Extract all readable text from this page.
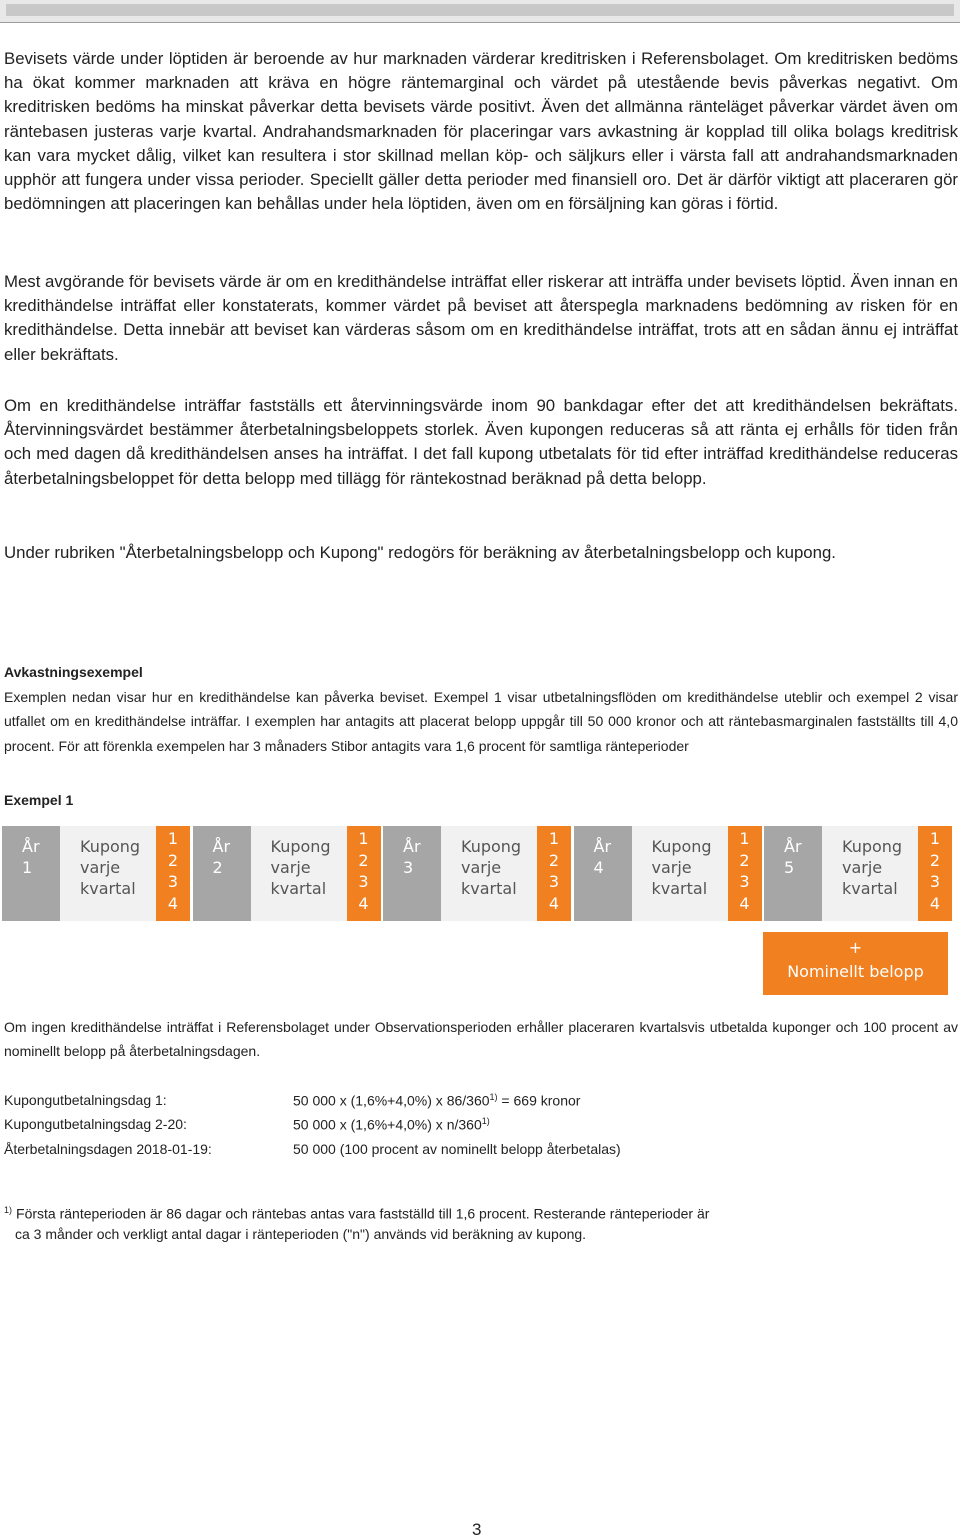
Bevisets värde under löptiden är beroende av hur marknaden värderar kreditrisken i Referensbolaget. Om kreditrisken bedöms ha ökat kommer marknaden att kräva en högre räntemarginal och värdet på utestående bevis påverkas negativt. Om kreditrisken bedöms ha minskat påverkar detta bevisets värde positivt. Även det allmänna ränteläget påverkar värdet även om räntebasen justeras varje kvartal. Andrahandsmarknaden för placeringar vars avkastning är kopplad till olika bolags kreditrisk kan vara mycket dålig, vilket kan resultera i stor skillnad mellan köp- och säljkurs eller i värsta fall att andrahandsmarknaden upphör att fungera under vissa perioder. Speciellt gäller detta perioder med finansiell oro. Det är därför viktigt att placeraren gör bedömningen att placeringen kan behållas under hela löptiden, även om en försäljning kan göras i förtid.

Mest avgörande för bevisets värde är om en kredithändelse inträffat eller riskerar att inträffa under bevisets löptid. Även innan en kredithändelse inträffat eller konstaterats, kommer värdet på beviset att återspegla marknadens bedömning av risken för en kredithändelse. Detta innebär att beviset kan värderas såsom om en kredithändelse inträffat, trots att en sådan ännu ej inträffat eller bekräftats.

Om en kredithändelse inträffar fastställs ett återvinningsvärde inom 90 bankdagar efter det att kredithändelsen bekräftats. Återvinningsvärdet bestämmer återbetalningsbeloppets storlek. Även kupongen reduceras så att ränta ej erhålls för tiden från och med dagen då kredithändelsen anses ha inträffat. I det fall kupong utbetalats för tid efter inträffad kredithändelse reduceras återbetalningsbeloppet för detta belopp med tillägg för räntekostnad beräknad på detta belopp.

Under rubriken "Återbetalningsbelopp och Kupong" redogörs för beräkning av återbetalningsbelopp och kupong.

Avkastningsexempel

Exemplen nedan visar hur en kredithändelse kan påverka beviset. Exempel 1 visar utbetalningsflöden om kredithändelse uteblir och exempel 2 visar utfallet om en kredithändelse inträffar. I exemplen har antagits att placerat belopp uppgår till 50 000 kronor och att räntebasmarginalen fastställts till 4,0 procent. För att förenkla exempelen har 3 månaders Stibor antagits vara 1,6 procent för samtliga ränteperioder

Exempel 1

År
1
Kupong
varje
kvartal
1
2
3
4
År
2
Kupong
varje
kvartal
1
2
3
4
År
3
Kupong
varje
kvartal
1
2
3
4
År
4
Kupong
varje
kvartal
1
2
3
4
År
5
Kupong
varje
kvartal
1
2
3
4
+
Nominellt belopp

Om ingen kredithändelse inträffat i Referensbolaget under Observationsperioden erhåller placeraren kvartalsvis utbetalda kuponger och 100 procent av nominellt belopp på återbetalningsdagen.

Kupongutbetalningsdag 1:	50 000 x (1,6%+4,0%) x $86/360^{1)} = 669$ kronor
Kupongutbetalningsdag 2-20:	50 000 x (1,6%+4,0%) x n/360$^{1)}$
Återbetalningsdagen 2018-01-19:	50 000 (100 procent av nominellt belopp återbetalas)

$^{1)}$ Första ränteperioden är 86 dagar och räntebas antas vara fastställd till 1,6 procent. Resterande ränteperioder är
ca 3 månder och verkligt antal dagar i ränteperioden ("n") används vid beräkning av kupong.

3
